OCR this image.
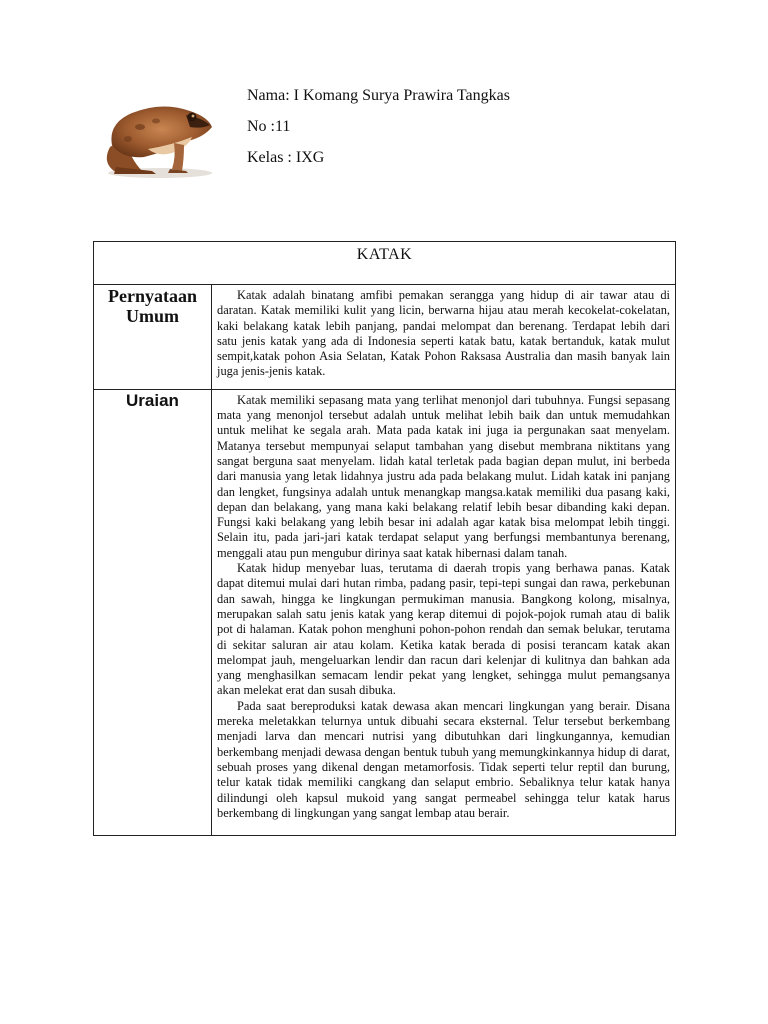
Nama: I Komang Surya Prawira Tangkas
No :11
Kelas : IXG
KATAK	
Pernyataan Umum	Katak adalah binatang amfibi pemakan serangga yang hidup di air tawar atau di daratan. Katak memiliki kulit yang licin, berwarna hijau atau merah kecokelat-cokelatan, kaki belakang katak lebih panjang, pandai melompat dan berenang. Terdapat lebih dari satu jenis katak yang ada di Indonesia seperti katak batu, katak bertanduk, katak mulut sempit,katak pohon Asia Selatan, Katak Pohon Raksasa Australia dan masih banyak lain juga jenis-jenis katak.

Uraian	Katak memiliki sepasang mata yang terlihat menonjol dari tubuhnya. Fungsi sepasang mata yang menonjol tersebut adalah untuk melihat lebih baik dan untuk memudahkan untuk melihat ke segala arah. Mata pada katak ini juga ia pergunakan saat menyelam. Matanya tersebut mempunyai selaput tambahan yang disebut membrana niktitans yang sangat berguna saat menyelam. lidah katal terletak pada bagian depan mulut, ini berbeda dari manusia yang letak lidahnya justru ada pada belakang mulut. Lidah katak ini panjang dan lengket, fungsinya adalah untuk menangkap mangsa.katak memiliki dua pasang kaki, depan dan belakang, yang mana kaki belakang relatif lebih besar dibanding kaki depan. Fungsi kaki belakang yang lebih besar ini adalah agar katak bisa melompat lebih tinggi. Selain itu, pada jari-jari katak terdapat selaput yang berfungsi membantunya berenang, menggali atau pun mengubur dirinya saat katak hibernasi dalam tanah.

Katak hidup menyebar luas, terutama di daerah tropis yang berhawa panas. Katak dapat ditemui mulai dari hutan rimba, padang pasir, tepi-tepi sungai dan rawa, perkebunan dan sawah, hingga ke lingkungan permukiman manusia. Bangkong kolong, misalnya, merupakan salah satu jenis katak yang kerap ditemui di pojok-pojok rumah atau di balik pot di halaman. Katak pohon menghuni pohon-pohon rendah dan semak belukar, terutama di sekitar saluran air atau kolam. Ketika katak berada di posisi terancam katak akan melompat jauh, mengeluarkan lendir dan racun dari kelenjar di kulitnya dan bahkan ada yang menghasilkan semacam lendir pekat yang lengket, sehingga mulut pemangsanya akan melekat erat dan susah dibuka.

Pada saat bereproduksi katak dewasa akan mencari lingkungan yang berair. Disana mereka meletakkan telurnya untuk dibuahi secara eksternal. Telur tersebut berkembang menjadi larva dan mencari nutrisi yang dibutuhkan dari lingkungannya, kemudian berkembang menjadi dewasa dengan bentuk tubuh yang memungkinkannya hidup di darat, sebuah proses yang dikenal dengan metamorfosis. Tidak seperti telur reptil dan burung, telur katak tidak memiliki cangkang dan selaput embrio. Sebaliknya telur katak hanya dilindungi oleh kapsul mukoid yang sangat permeabel sehingga telur katak harus berkembang di lingkungan yang sangat lembap atau berair.
